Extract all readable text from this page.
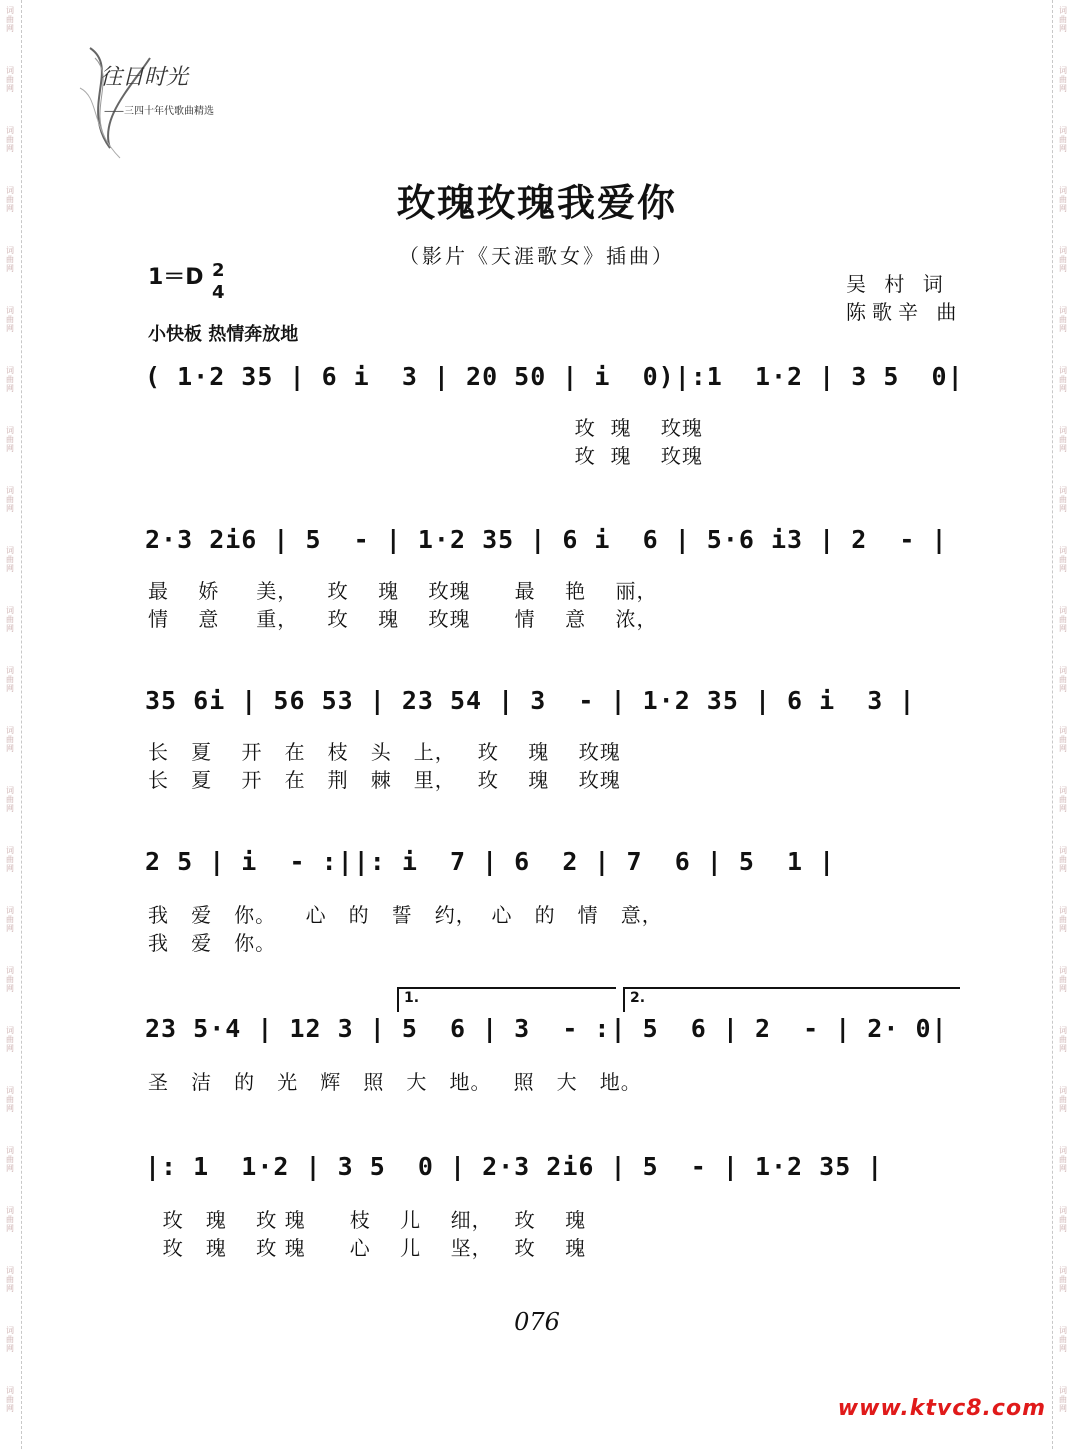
词
曲
网
词
曲
网
词
曲
网
词
曲
网
词
曲
网
词
曲
网
词
曲
网
词
曲
网
词
曲
网
词
曲
网
词
曲
网
词
曲
网
词
曲
网
词
曲
网
词
曲
网
词
曲
网
词
曲
网
词
曲
网
词
曲
网
词
曲
网
词
曲
网
词
曲
网
词
曲
网
词
曲
网
词
曲
网
词
曲
网
词
曲
网
词
曲
网
词
曲
网
词
曲
网
词
曲
网
词
曲
网
词
曲
网
词
曲
网
词
曲
网
词
曲
网
词
曲
网
词
曲
网
词
曲
网
词
曲
网
词
曲
网
词
曲
网
词
曲
网
词
曲
网
词
曲
网
词
曲
网
词
曲
网
词
曲
网
往日时光
——三四十年代歌曲精选
玫瑰玫瑰我爱你
（影片《天涯歌女》插曲）
1＝D 2
4	吴 村 词
陈歌辛 曲
小快板 热情奔放地
( 1·2 35 | 6 i  3 | 20 50 | i  0)|:1  1·2 | 3 5  0|
玫  瑰    玫瑰
玫  瑰    玫瑰
2·3 2i6 | 5  - | 1·2 35 | 6 i  6 | 5·6 i3 | 2  - |
最    娇     美，    玫    瑰    玫瑰      最    艳    丽，
情    意     重，    玫    瑰    玫瑰      情    意    浓，
35 6i | 56 53 | 23 54 | 3  - | 1·2 35 | 6 i  3 |
长   夏    开   在   枝   头   上，   玫    瑰    玫瑰
长   夏    开   在   荆   棘   里，   玫    瑰    玫瑰
2 5 | i  - :||: i  7 | 6  2 | 7  6 | 5  1 |
我   爱   你。    心   的   誓   约，  心   的   情   意，
我   爱   你。
1.	2.
23 5·4 | 12 3 | 5  6 | 3  - :| 5  6 | 2  - | 2· 0|
圣   洁   的   光   辉   照   大   地。   照   大   地。
|: 1  1·2 | 3 5  0 | 2·3 2i6 | 5  - | 1·2 35 |
玫   瑰    玫 瑰      枝    儿    细，   玫    瑰
玫   瑰    玫 瑰      心    儿    坚，   玫    瑰
076
www.ktvc8.com
